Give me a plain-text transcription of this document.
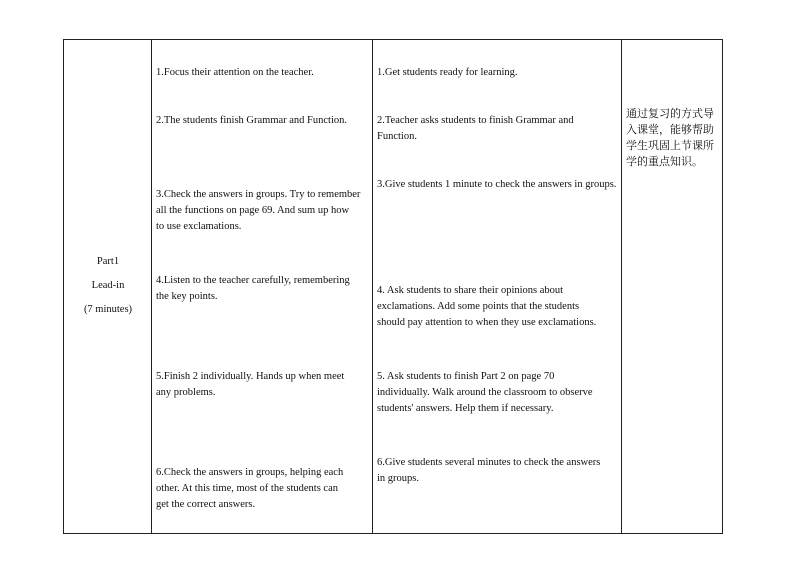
Part1
Lead-in
(7 minutes)
1.Focus their attention on the teacher.
2.The students finish Grammar and Function.
3.Check the answers in groups. Try to remember
all the functions on page 69. And sum up how
to use exclamations.
4.Listen to the teacher carefully, remembering
the key points.
5.Finish 2 individually. Hands up when meet
any problems.
6.Check the answers in groups, helping each
other. At this time, most of the students can
get the correct answers.
1.Get students ready for learning.
2.Teacher asks students to finish Grammar and
Function.
3.Give students 1 minute to check the answers in groups.
4. Ask students to share their opinions about
exclamations. Add some points that the students
should pay attention to when they use exclamations.
5. Ask students to finish Part 2 on page 70
individually. Walk around the classroom to observe
students' answers. Help them if necessary.
6.Give students several minutes to check the answers
in groups.
通过复习的方式导
入课堂，能够帮助
学生巩固上节课所
学的重点知识。
